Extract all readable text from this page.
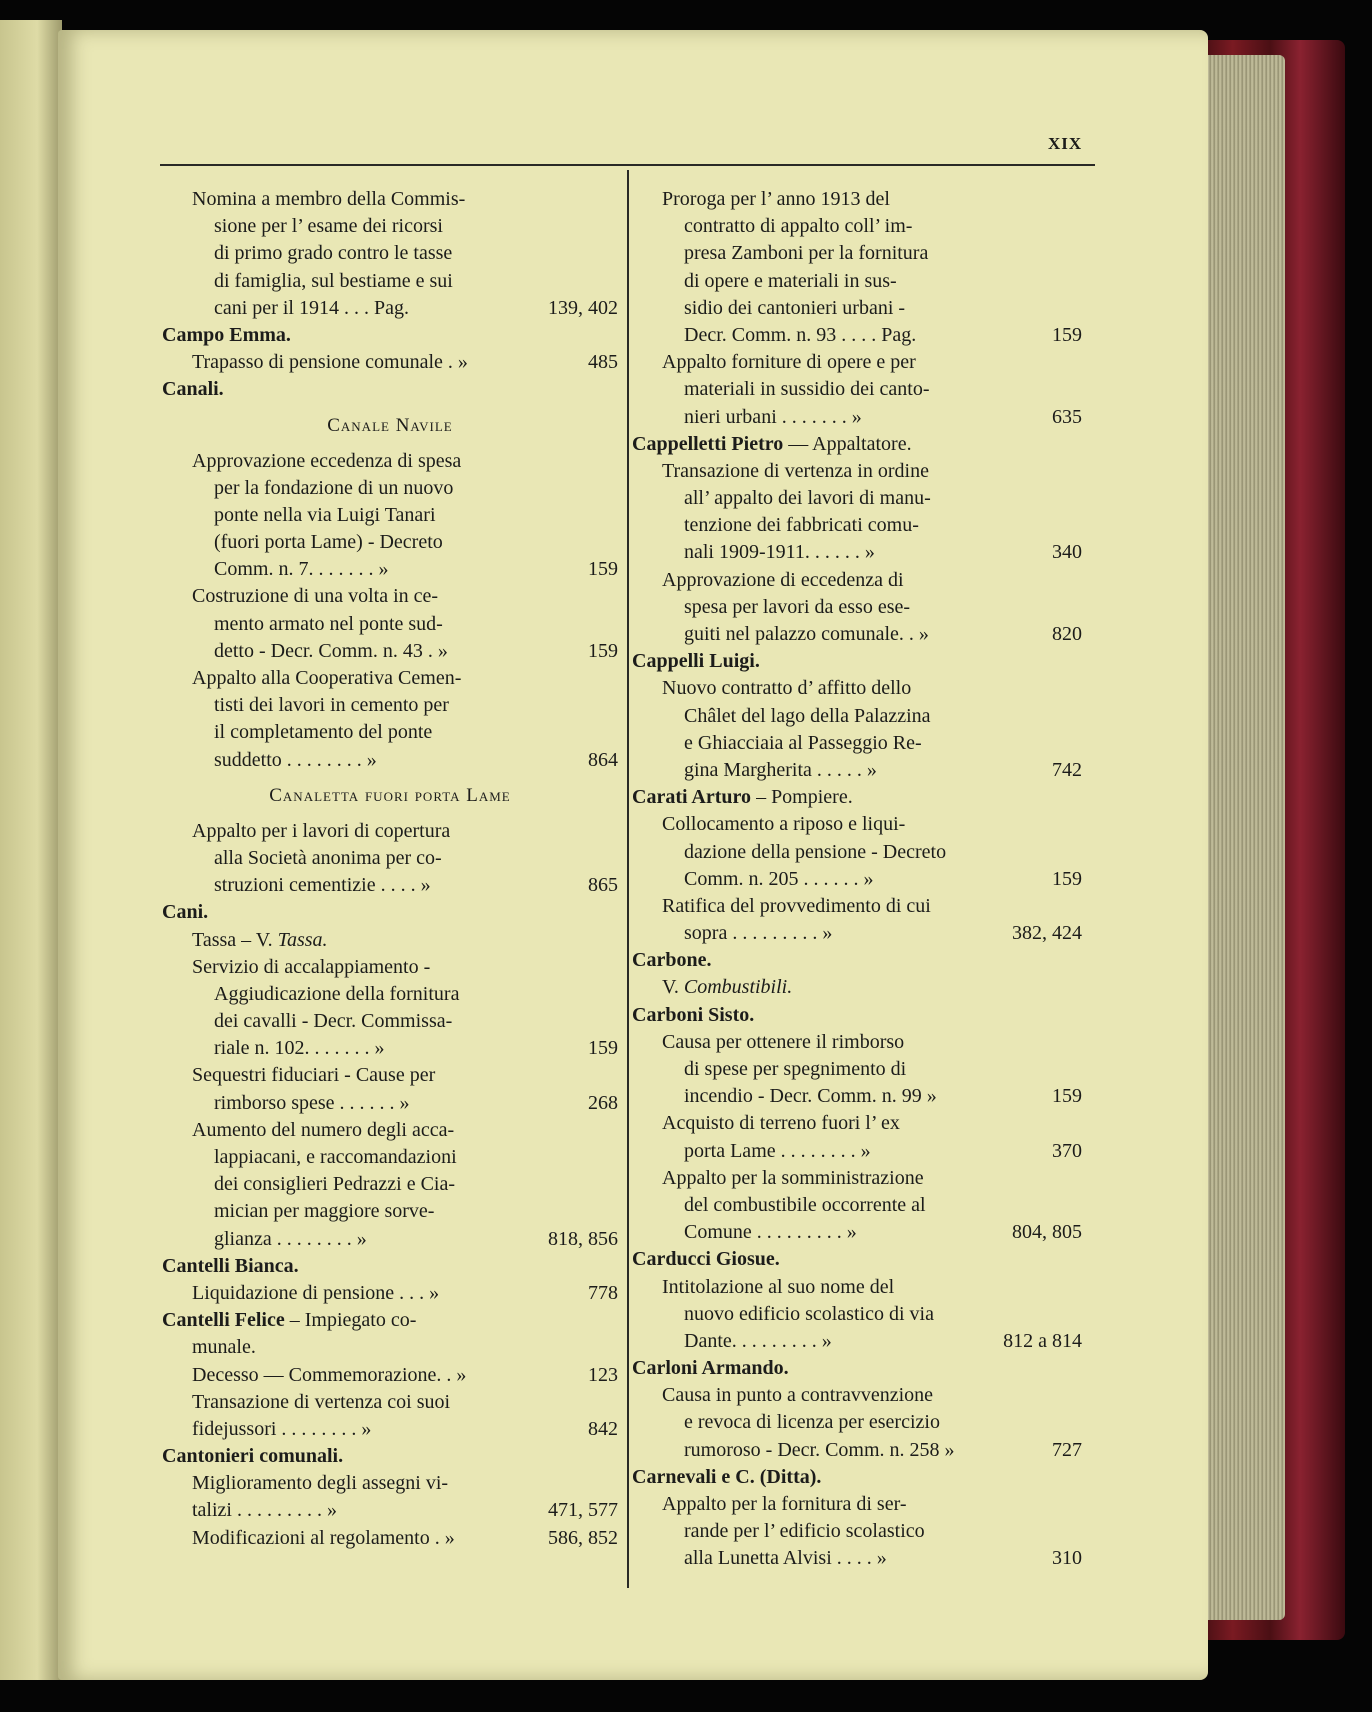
XIX
Nomina a membro della Commis-
sione per l’ esame dei ricorsi
di primo grado contro le tasse
di famiglia, sul bestiame e sui
cani per il 1914 . . . Pag.	139, 402
Campo Emma.
Trapasso di pensione comunale . »	485
Canali.
Canale Navile
Approvazione eccedenza di spesa
per la fondazione di un nuovo
ponte nella via Luigi Tanari
(fuori porta Lame) - Decreto
Comm. n. 7. . . . . . . »	159
Costruzione di una volta in ce-
mento armato nel ponte sud-
detto - Decr. Comm. n. 43 . »	159
Appalto alla Cooperativa Cemen-
tisti dei lavori in cemento per
il completamento del ponte
suddetto . . . . . . . . »	864
Canaletta fuori porta Lame
Appalto per i lavori di copertura
alla Società anonima per co-
struzioni cementizie . . . . »	865
Cani.
Tassa – V. Tassa.
Servizio di accalappiamento -
Aggiudicazione della fornitura
dei cavalli - Decr. Commissa-
riale n. 102. . . . . . . »	159
Sequestri fiduciari - Cause per
rimborso spese . . . . . . »	268
Aumento del numero degli acca-
lappiacani, e raccomandazioni
dei consiglieri Pedrazzi e Cia-
mician per maggiore sorve-
glianza . . . . . . . . »	818, 856
Cantelli Bianca.
Liquidazione di pensione . . . »	778
Cantelli Felice – Impiegato co-
munale.
Decesso — Commemorazione. . »	123
Transazione di vertenza coi suoi
fidejussori . . . . . . . . »	842
Cantonieri comunali.
Miglioramento degli assegni vi-
talizi . . . . . . . . . »	471, 577
Modificazioni al regolamento . »	586, 852
Proroga per l’ anno 1913 del
contratto di appalto coll’ im-
presa Zamboni per la fornitura
di opere e materiali in sus-
sidio dei cantonieri urbani -
Decr. Comm. n. 93 . . . . Pag.	159
Appalto forniture di opere e per
materiali in sussidio dei canto-
nieri urbani . . . . . . . »	635
Cappelletti Pietro — Appaltatore.
Transazione di vertenza in ordine
all’ appalto dei lavori di manu-
tenzione dei fabbricati comu-
nali 1909-1911. . . . . . »	340
Approvazione di eccedenza di
spesa per lavori da esso ese-
guiti nel palazzo comunale. . »	820
Cappelli Luigi.
Nuovo contratto d’ affitto dello
Châlet del lago della Palazzina
e Ghiacciaia al Passeggio Re-
gina Margherita . . . . . »	742
Carati Arturo – Pompiere.
Collocamento a riposo e liqui-
dazione della pensione - Decreto
Comm. n. 205 . . . . . . »	159
Ratifica del provvedimento di cui
sopra . . . . . . . . . »	382, 424
Carbone.
V. Combustibili.
Carboni Sisto.
Causa per ottenere il rimborso
di spese per spegnimento di
incendio - Decr. Comm. n. 99 »	159
Acquisto di terreno fuori l’ ex
porta Lame . . . . . . . . »	370
Appalto per la somministrazione
del combustibile occorrente al
Comune . . . . . . . . . »	804, 805
Carducci Giosue.
Intitolazione al suo nome del
nuovo edificio scolastico di via
Dante. . . . . . . . . »	812 a 814
Carloni Armando.
Causa in punto a contravvenzione
e revoca di licenza per esercizio
rumoroso - Decr. Comm. n. 258 »	727
Carnevali e C. (Ditta).
Appalto per la fornitura di ser-
rande per l’ edificio scolastico
alla Lunetta Alvisi . . . . »	310
